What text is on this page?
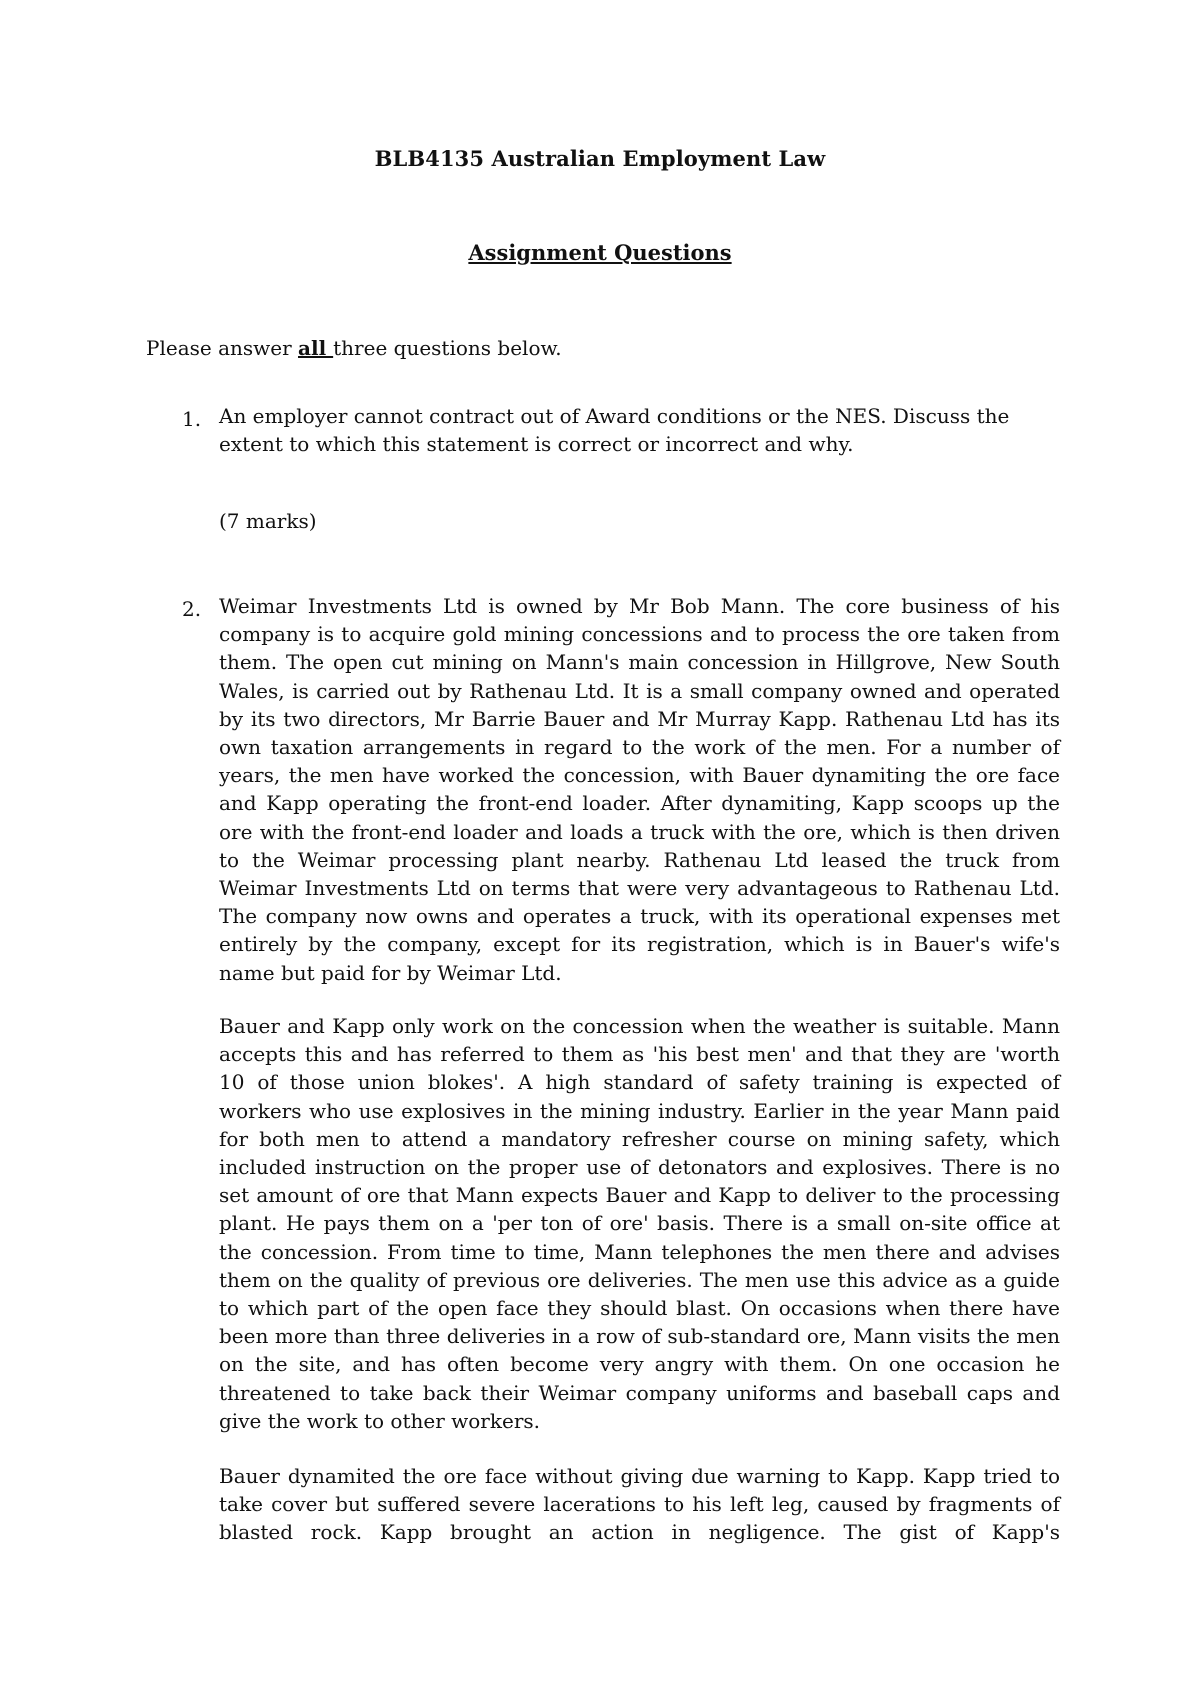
BLB4135 Australian Employment Law
Assignment Questions
Please answer all three questions below.
1. An employer cannot contract out of Award conditions or the NES. Discuss the extent to which this statement is correct or incorrect and why.
(7 marks)
2. Weimar Investments Ltd is owned by Mr Bob Mann. The core business of his company is to acquire gold mining concessions and to process the ore taken from them. The open cut mining on Mann's main concession in Hillgrove, New South Wales, is carried out by Rathenau Ltd. It is a small company owned and operated by its two directors, Mr Barrie Bauer and Mr Murray Kapp. Rathenau Ltd has its own taxation arrangements in regard to the work of the men. For a number of years, the men have worked the concession, with Bauer dynamiting the ore face and Kapp operating the front-end loader. After dynamiting, Kapp scoops up the ore with the front-end loader and loads a truck with the ore, which is then driven to the Weimar processing plant nearby. Rathenau Ltd leased the truck from Weimar Investments Ltd on terms that were very advantageous to Rathenau Ltd. The company now owns and operates a truck, with its operational expenses met entirely by the company, except for its registration, which is in Bauer's wife's name but paid for by Weimar Ltd.
Bauer and Kapp only work on the concession when the weather is suitable. Mann accepts this and has referred to them as 'his best men' and that they are 'worth 10 of those union blokes'. A high standard of safety training is expected of workers who use explosives in the mining industry. Earlier in the year Mann paid for both men to attend a mandatory refresher course on mining safety, which included instruction on the proper use of detonators and explosives. There is no set amount of ore that Mann expects Bauer and Kapp to deliver to the processing plant. He pays them on a 'per ton of ore' basis. There is a small on-site office at the concession. From time to time, Mann telephones the men there and advises them on the quality of previous ore deliveries. The men use this advice as a guide to which part of the open face they should blast. On occasions when there have been more than three deliveries in a row of sub-standard ore, Mann visits the men on the site, and has often become very angry with them. On one occasion he threatened to take back their Weimar company uniforms and baseball caps and give the work to other workers.
Bauer dynamited the ore face without giving due warning to Kapp. Kapp tried to take cover but suffered severe lacerations to his left leg, caused by fragments of blasted rock. Kapp brought an action in negligence. The gist of Kapp's
